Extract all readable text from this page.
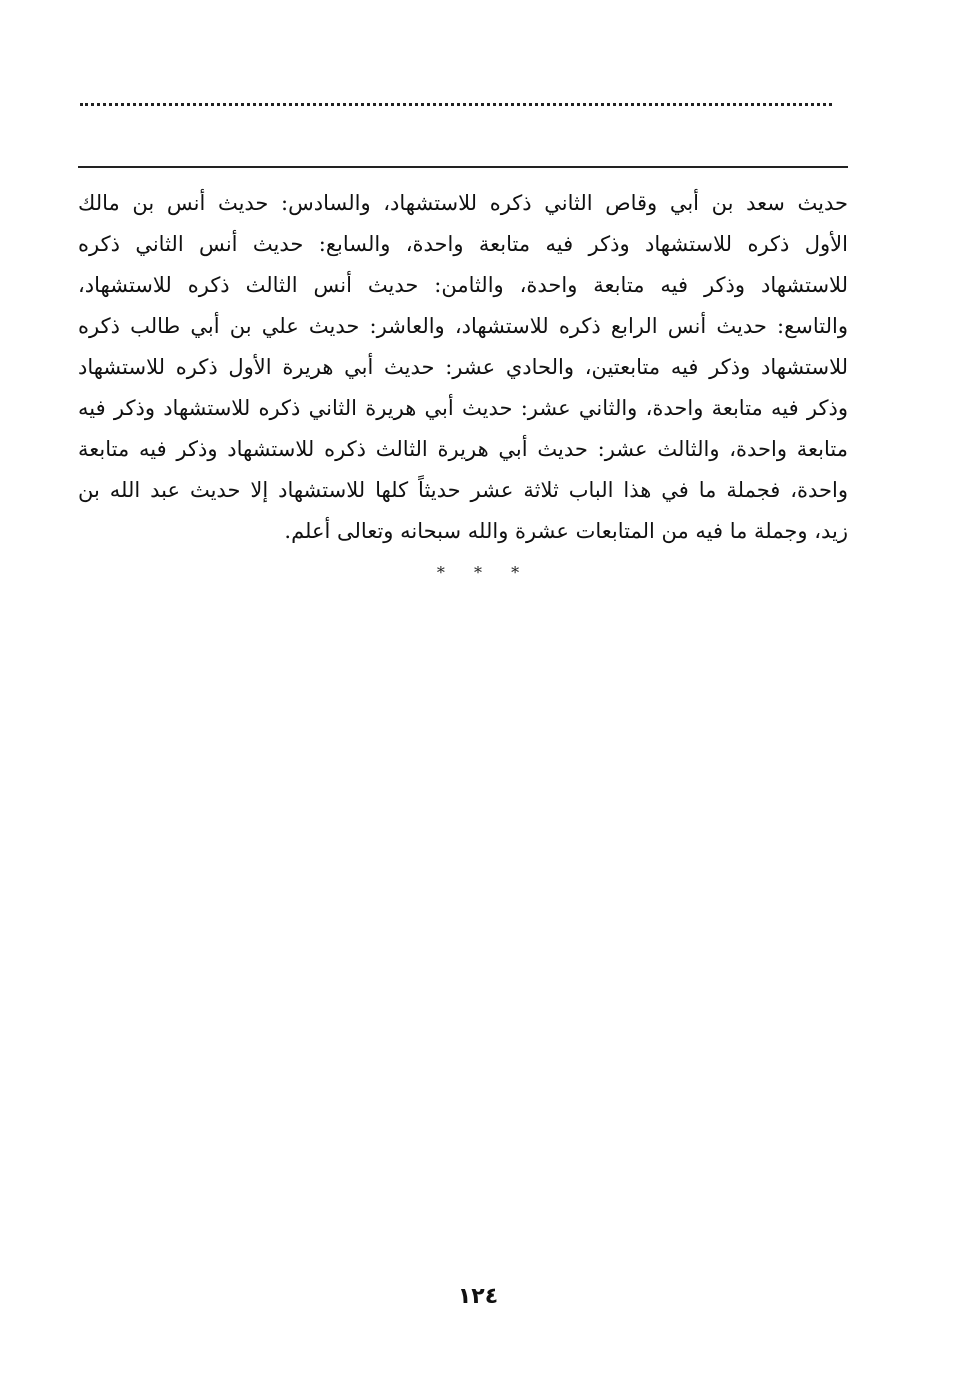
حديث سعد بن أبي وقاص الثاني ذكره للاستشهاد، والسادس: حديث أنس بن مالك
الأول ذكره للاستشهاد وذكر فيه متابعة واحدة، والسابع: حديث أنس الثاني ذكره
للاستشهاد وذكر فيه متابعة واحدة، والثامن: حديث أنس الثالث ذكره للاستشهاد،
والتاسع: حديث أنس الرابع ذكره للاستشهاد، والعاشر: حديث علي بن أبي طالب ذكره
للاستشهاد وذكر فيه متابعتين، والحادي عشر: حديث أبي هريرة الأول ذكره للاستشهاد
وذكر فيه متابعة واحدة، والثاني عشر: حديث أبي هريرة الثاني ذكره للاستشهاد وذكر فيه
متابعة واحدة، والثالث عشر: حديث أبي هريرة الثالث ذكره للاستشهاد وذكر فيه متابعة
واحدة، فجملة ما في هذا الباب ثلاثة عشر حديثاً كلها للاستشهاد إلا حديث عبد الله بن
زيد، وجملة ما فيه من المتابعات عشرة والله سبحانه وتعالى أعلم.
* * *
١٢٤
